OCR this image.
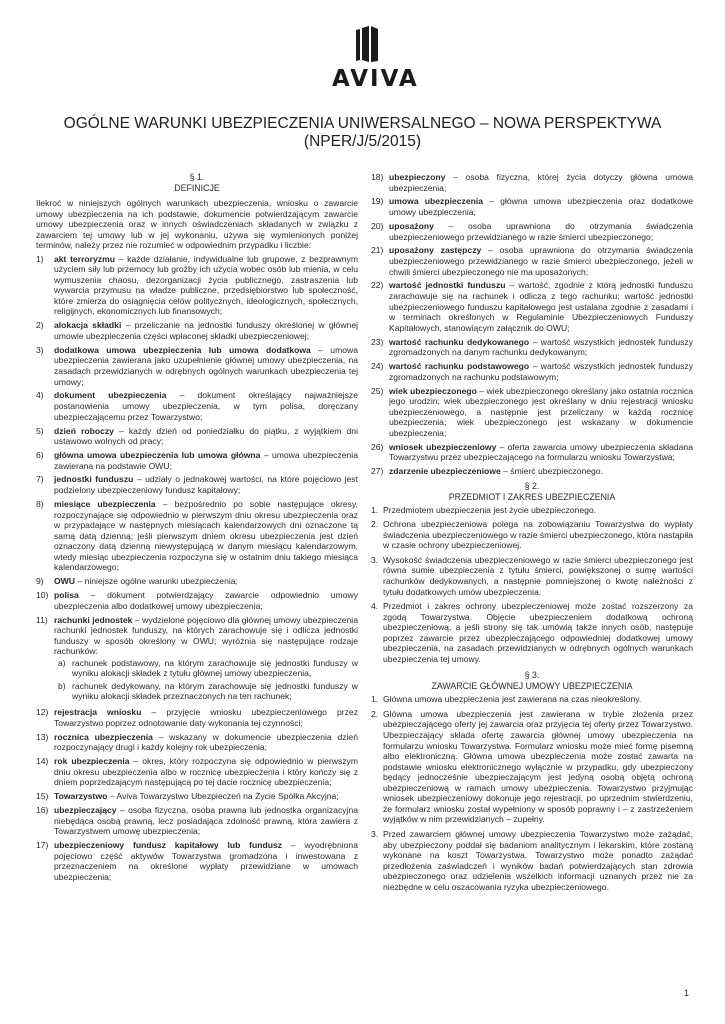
AVIVA
OGÓLNE WARUNKI UBEZPIECZENIA UNIWERSALNEGO – NOWA PERSPEKTYWA
(NPER/J/5/2015)
§ 1.
DEFINICJE
Ilekroć w niniejszych ogólnych warunkach ubezpieczenia, wniosku o zawarcie umowy ubezpieczenia na ich podstawie, dokumencie potwierdzającym zawarcie umowy ubezpieczenia oraz w innych oświadczeniach składanych w związku z zawarciem tej umowy lub w jej wykonaniu, używa się wymienionych poniżej terminów, należy przez nie rozumieć w odpowiednim przypadku i liczbie:
1)	akt terroryzmu – każde działanie, indywidualne lub grupowe, z bezprawnym użyciem siły lub przemocy lub groźby ich użycia wobec osób lub mienia, w celu wymuszenia chaosu, dezorganizacji życia publicznego, zastraszenia lub wywarcia przymusu na władze publiczne, przedsiębiorstwo lub społeczność, które zmierza do osiągnięcia celów politycznych, ideologicznych, społecznych, religijnych, ekonomicznych lub finansowych;
2)	alokacja składki – przeliczanie na jednostki funduszy określonej w głównej umowie ubezpieczenia części wpłaconej składki ubezpieczeniowej;
3)	dodatkowa umowa ubezpieczenia lub umowa dodatkowa – umowa ubezpieczenia zawierana jako uzupełnienie głównej umowy ubezpieczenia, na zasadach przewidzianych w odrębnych ogólnych warunkach ubezpieczenia tej umowy;
4)	dokument ubezpieczenia – dokument określający najważniejsze postanowienia umowy ubezpieczenia, w tym polisa, doręczany ubezpieczającemu przez Towarzystwo;
5)	dzień roboczy – każdy dzień od poniedziałku do piątku, z wyjątkiem dni ustawowo wolnych od pracy;
6)	główna umowa ubezpieczenia lub umowa główna – umowa ubezpieczenia zawierana na podstawie OWU;
7)	jednostki funduszu – udziały o jednakowej wartości, na które pojęciowo jest podzielony ubezpieczeniowy fundusz kapitałowy;
8)	miesiące ubezpieczenia – bezpośrednio po sobie następujące okresy, rozpoczynające się odpowiednio w pierwszym dniu okresu ubezpieczenia oraz w przypadające w następnych miesiącach kalendarzowych dni oznaczone tą samą datą dzienną; jeśli pierwszym dniem okresu ubezpieczenia jest dzień oznaczony datą dzienną niewystępującą w danym miesiącu kalendarzowym, wtedy miesiąc ubezpieczenia rozpoczyna się w ostatnim dniu takiego miesiąca kalendarzowego;
9)	OWU – niniejsze ogólne warunki ubezpieczenia;
10) polisa – dokument potwierdzający zawarcie odpowiednio umowy ubezpieczenia albo dodatkowej umowy ubezpieczenia;
11) rachunki jednostek – wydzielone pojęciowo dla głównej umowy ubezpieczenia rachunki jednostek funduszy, na których zarachowuje się i odlicza jednostki funduszy w sposób określony w OWU; wyróżnia się następujące rodzaje rachunków:
a) rachunek podstawowy, na którym zarachowuje się jednostki funduszy w wyniku alokacji składek z tytułu głównej umowy ubezpieczenia,
b) rachunek dedykowany, na którym zarachowuje się jednostki funduszy w wyniku alokacji składek przeznaczonych na ten rachunek;
12) rejestracja wniosku – przyjęcie wniosku ubezpieczeniowego przez Towarzystwo poprzez odnotowanie daty wykonania tej czynności;
13) rocznica ubezpieczenia – wskazany w dokumencie ubezpieczenia dzień rozpoczynający drugi i każdy kolejny rok ubezpieczenia;
14) rok ubezpieczenia – okres, który rozpoczyna się odpowiednio w pierwszym dniu okresu ubezpieczenia albo w rocznicę ubezpieczenia i który kończy się z dniem poprzedzającym następującą po tej dacie rocznicę ubezpieczenia;
15) Towarzystwo – Aviva Towarzystwo Ubezpieczeń na Życie Spółka Akcyjna;
16) ubezpieczający – osoba fizyczna, osoba prawna lub jednostka organizacyjna niebędąca osobą prawną, lecz posiadająca zdolność prawną, która zawiera z Towarzystwem umowę ubezpieczenia;
17) ubezpieczeniowy fundusz kapitałowy lub fundusz – wyodrębniona pojęciowo część aktywów Towarzystwa gromadzona i inwestowana z przeznaczeniem na określone wypłaty przewidziane w umowach ubezpieczenia;
18) ubezpieczony – osoba fizyczna, której życia dotyczy główna umowa ubezpieczenia;
19) umowa ubezpieczenia – główna umowa ubezpieczenia oraz dodatkowe umowy ubezpieczenia;
20) uposażony – osoba uprawniona do otrzymania świadczenia ubezpieczeniowego przewidzianego w razie śmierci ubezpieczonego;
21) uposażony zastępczy – osoba uprawniona do otrzymania świadczenia ubezpieczeniowego przewidzianego w razie śmierci ubezpieczonego, jeżeli w chwili śmierci ubezpieczonego nie ma uposażonych;
22) wartość jednostki funduszu – wartość, zgodnie z którą jednostki funduszu zarachowuje się na rachunek i odlicza z tego rachunku; wartość jednostki ubezpieczeniowego funduszu kapitałowego jest ustalana zgodnie z zasadami i w terminach określonych w Regulaminie Ubezpieczeniowych Funduszy Kapitałowych, stanowiącym załącznik do OWU;
23) wartość rachunku dedykowanego – wartość wszystkich jednostek funduszy zgromadzonych na danym rachunku dedykowanym;
24) wartość rachunku podstawowego – wartość wszystkich jednostek funduszy zgromadzonych na rachunku podstawowym;
25) wiek ubezpieczonego – wiek ubezpieczonego określany jako ostatnia rocznica jego urodzin; wiek ubezpieczonego jest określany w dniu rejestracji wniosku ubezpieczeniowego, a następnie jest przeliczany w każdą rocznicę ubezpieczenia; wiek ubezpieczonego jest wskazany w dokumencie ubezpieczenia;
26) wniosek ubezpieczeniowy – oferta zawarcia umowy ubezpieczenia składana Towarzystwu przez ubezpieczającego na formularzu wniosku Towarzystwa;
27) zdarzenie ubezpieczeniowe – śmierć ubezpieczonego.
§ 2.
PRZEDMIOT I ZAKRES UBEZPIECZENIA
1. Przedmiotem ubezpieczenia jest życie ubezpieczonego.
2. Ochrona ubezpieczeniowa polega na zobowiązaniu Towarzystwa do wypłaty świadczenia ubezpieczeniowego w razie śmierci ubezpieczonego, która nastąpiła w czasie ochrony ubezpieczeniowej.
3. Wysokość świadczenia ubezpieczeniowego w razie śmierci ubezpieczonego jest równa sumie ubezpieczenia z tytułu śmierci, powiększonej o sumę wartości rachunków dedykowanych, a następnie pomniejszonej o kwotę należności z tytułu dodatkowych umów ubezpieczenia.
4. Przedmiot i zakres ochrony ubezpieczeniowej może zostać rozszerzony za zgodą Towarzystwa. Objęcie ubezpieczeniem dodatkową ochroną ubezpieczeniową, a jeśli strony się tak umówią także innych osób, następuje poprzez zawarcie przez ubezpieczającego odpowiedniej dodatkowej umowy ubezpieczenia, na zasadach przewidzianych w odrębnych ogólnych warunkach ubezpieczenia tej umowy.
§ 3.
ZAWARCIE GŁÓWNEJ UMOWY UBEZPIECZENIA
1. Główna umowa ubezpieczenia jest zawierana na czas nieokreślony.
2. Główna umowa ubezpieczenia jest zawierana w trybie złożenia przez ubezpieczającego oferty jej zawarcia oraz przyjęcia tej oferty przez Towarzystwo. Ubezpieczający składa ofertę zawarcia głównej umowy ubezpieczenia na formularzu wniosku Towarzystwa. Formularz wniosku może mieć formę pisemną albo elektroniczną. Główna umowa ubezpieczenia może zostać zawarta na podstawie wniosku elektronicznego wyłącznie w przypadku, gdy ubezpieczony będący jednocześnie ubezpieczającym jest jedyną osobą objętą ochroną ubezpieczeniową w ramach umowy ubezpieczenia. Towarzystwo przyjmując wniosek ubezpieczeniowy dokonuje jego rejestracji, po uprzednim stwierdzeniu, że formularz wniosku został wypełniony w sposób poprawny i – z zastrzeżeniem wyjątków w nim przewidzianych – zupełny.
3. Przed zawarciem głównej umowy ubezpieczenia Towarzystwo może zażądać, aby ubezpieczony poddał się badaniom analitycznym i lekarskim, które zostaną wykonane na koszt Towarzystwa. Towarzystwo może ponadto zażądać przedłożenia zaświadczeń i wyników badań potwierdzających stan zdrowia ubezpieczonego oraz udzielenia wszelkich informacji uznanych przez nie za niezbędne w celu oszacowania ryzyka ubezpieczeniowego.
1
